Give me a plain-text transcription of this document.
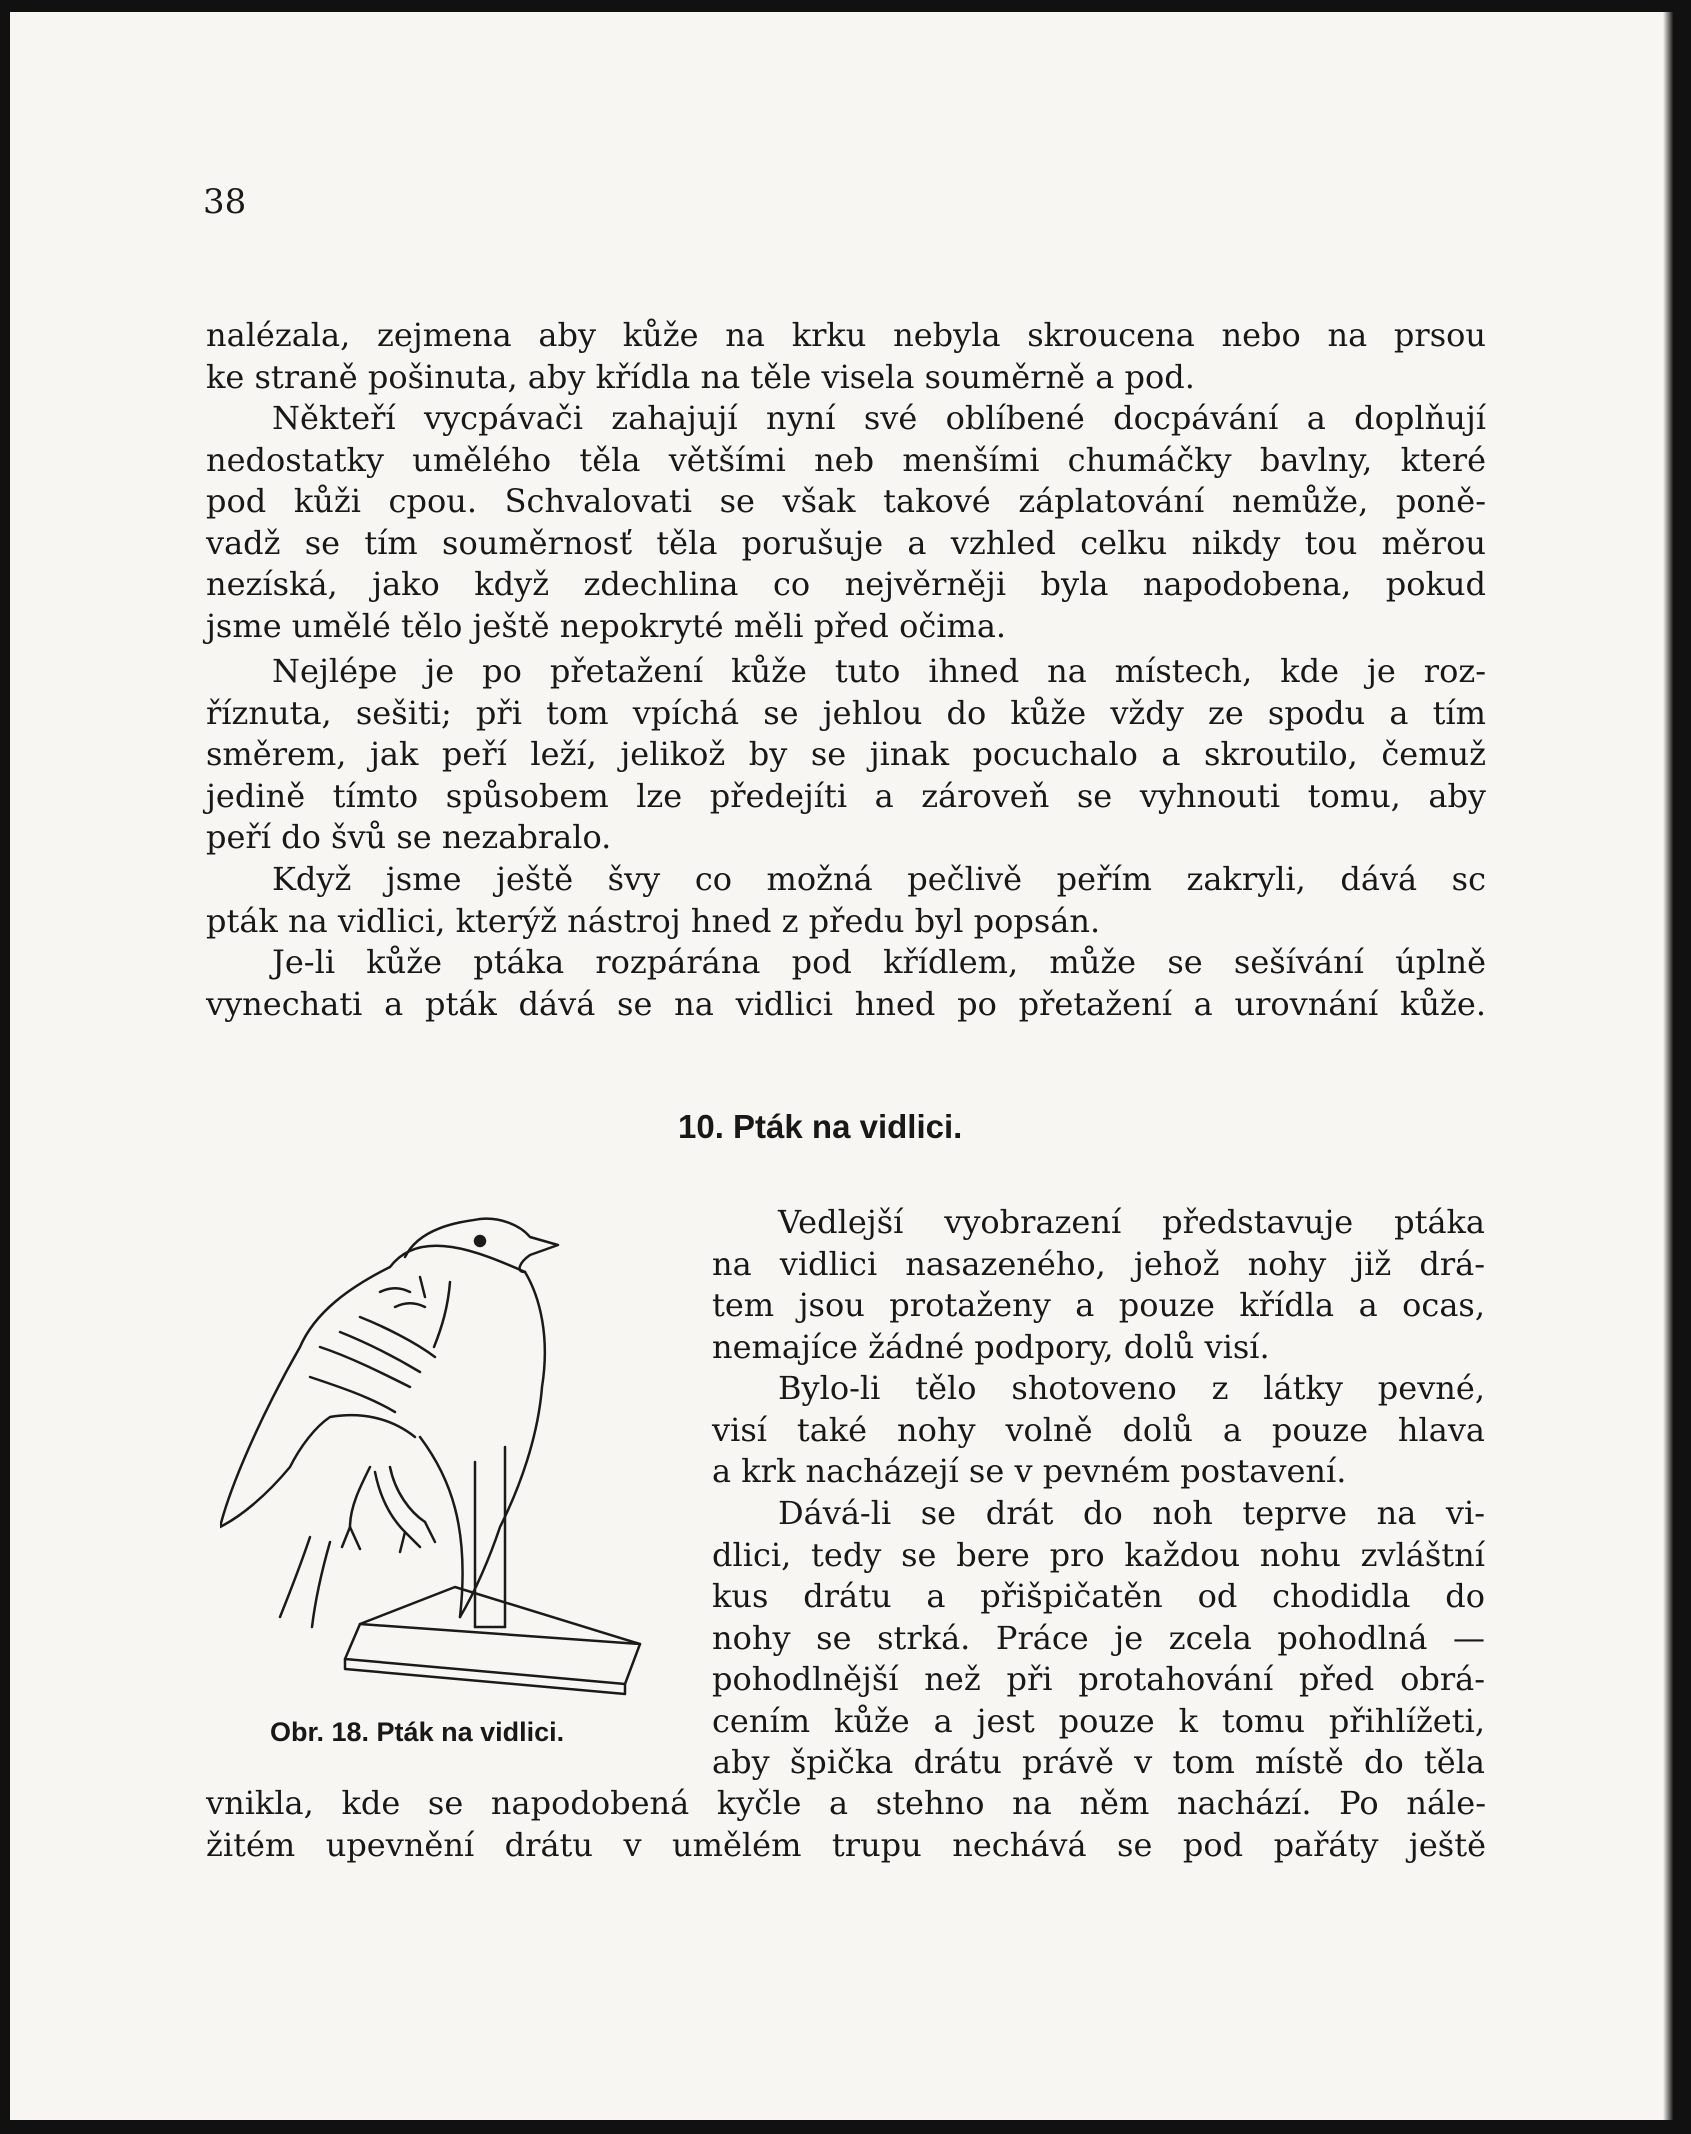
38
nalézala, zejmena aby kůže na krku nebyla skroucena nebo na prsou
ke straně pošinuta, aby křídla na těle visela souměrně a pod.
Někteří vycpávači zahajují nyní své oblíbené docpávání a doplňují
nedostatky umělého těla většími neb menšími chumáčky bavlny, které
pod kůži cpou. Schvalovati se však takové záplatování nemůže, poně-
vadž se tím souměrnosť těla porušuje a vzhled celku nikdy tou měrou
nezíská, jako když zdechlina co nejvěrněji byla napodobena, pokud
jsme umělé tělo ještě nepokryté měli před očima.
Nejlépe je po přetažení kůže tuto ihned na místech, kde je roz-
říznuta, sešiti; při tom vpíchá se jehlou do kůže vždy ze spodu a tím
směrem, jak peří leží, jelikož by se jinak pocuchalo a skroutilo, čemuž
jedině tímto spůsobem lze předejíti a zároveň se vyhnouti tomu, aby
peří do švů se nezabralo.
Když jsme ještě švy co možná pečlivě peřím zakryli, dává sc
pták na vidlici, kterýž nástroj hned z předu byl popsán.
Je-li kůže ptáka rozpárána pod křídlem, může se sešívání úplně
vynechati a pták dává se na vidlici hned po přetažení a urovnání kůže.
10. Pták na vidlici.

Obr. 18. Pták na vidlici.

Vedlejší vyobrazení představuje ptáka
na vidlici nasazeného, jehož nohy již drá-
tem jsou protaženy a pouze křídla a ocas,
nemajíce žádné podpory, dolů visí.
Bylo-li tělo shotoveno z látky pevné,
visí také nohy volně dolů a pouze hlava
a krk nacházejí se v pevném postavení.
Dává-li se drát do noh teprve na vi-
dlici, tedy se bere pro každou nohu zvláštní
kus drátu a přišpičatěn od chodidla do
nohy se strká. Práce je zcela pohodlná —
pohodlnější než při protahování před obrá-
cením kůže a jest pouze k tomu přihlížeti,
aby špička drátu právě v tom místě do těla
vnikla, kde se napodobená kyčle a stehno na něm nachází. Po nále-
žitém upevnění drátu v umělém trupu nechává se pod pařáty ještě
